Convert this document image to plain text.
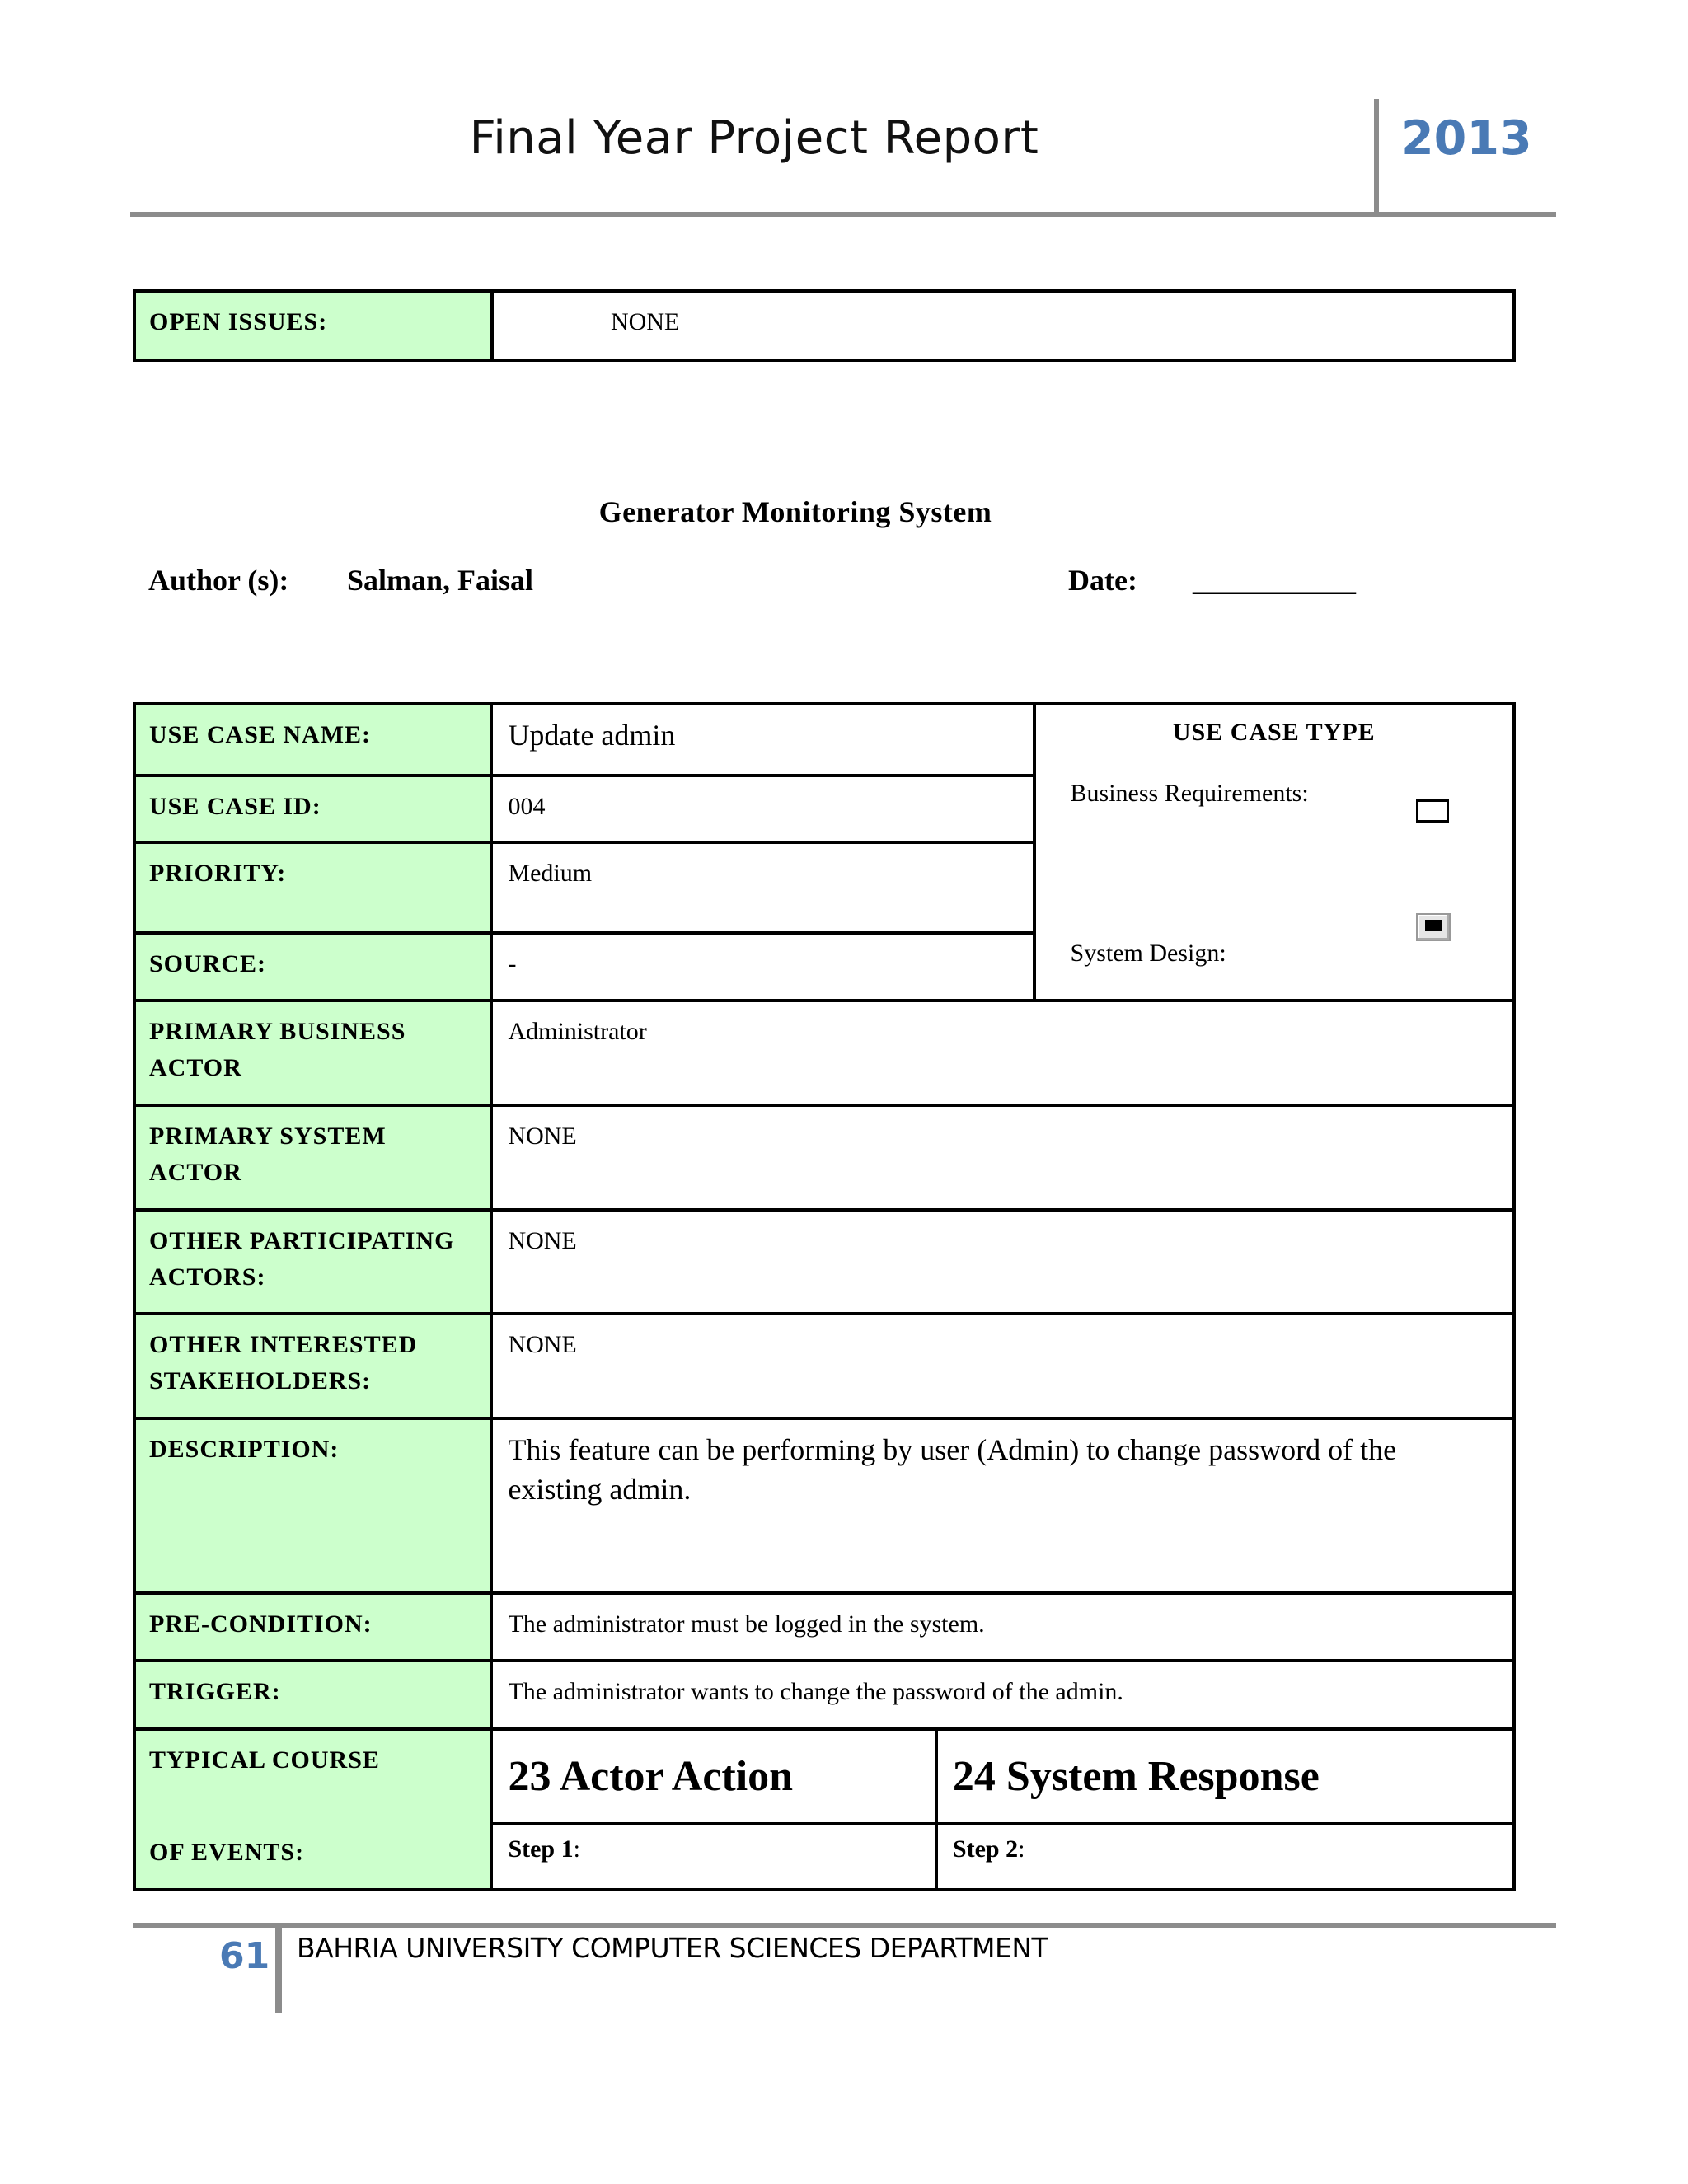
Final Year Project Report	2013
OPEN ISSUES:	NONE
Generator Monitoring System
Author (s): Salman, Faisal	Date: ___________
USE CASE NAME:	Update admin		USE CASE TYPE
Business Requirements:
System Design:

USE CASE ID:	004		
PRIORITY:	Medium		
SOURCE:	-		
PRIMARY BUSINESS ACTOR	Administrator		
PRIMARY SYSTEM ACTOR	NONE		
OTHER PARTICIPATING ACTORS:	NONE		
OTHER INTERESTED STAKEHOLDERS:	NONE		
DESCRIPTION:	This feature can be performing by user (Admin) to change password of the existing admin.		
PRE-CONDITION:	The administrator must be logged in the system.		
TRIGGER:	The administrator wants to change the password of the admin.		

TYPICAL COURSE
OF EVENTS:	23 Actor Action	24 System Response	
	Step 1:	Step 2:	
61 BAHRIA UNIVERSITY COMPUTER SCIENCES DEPARTMENT
